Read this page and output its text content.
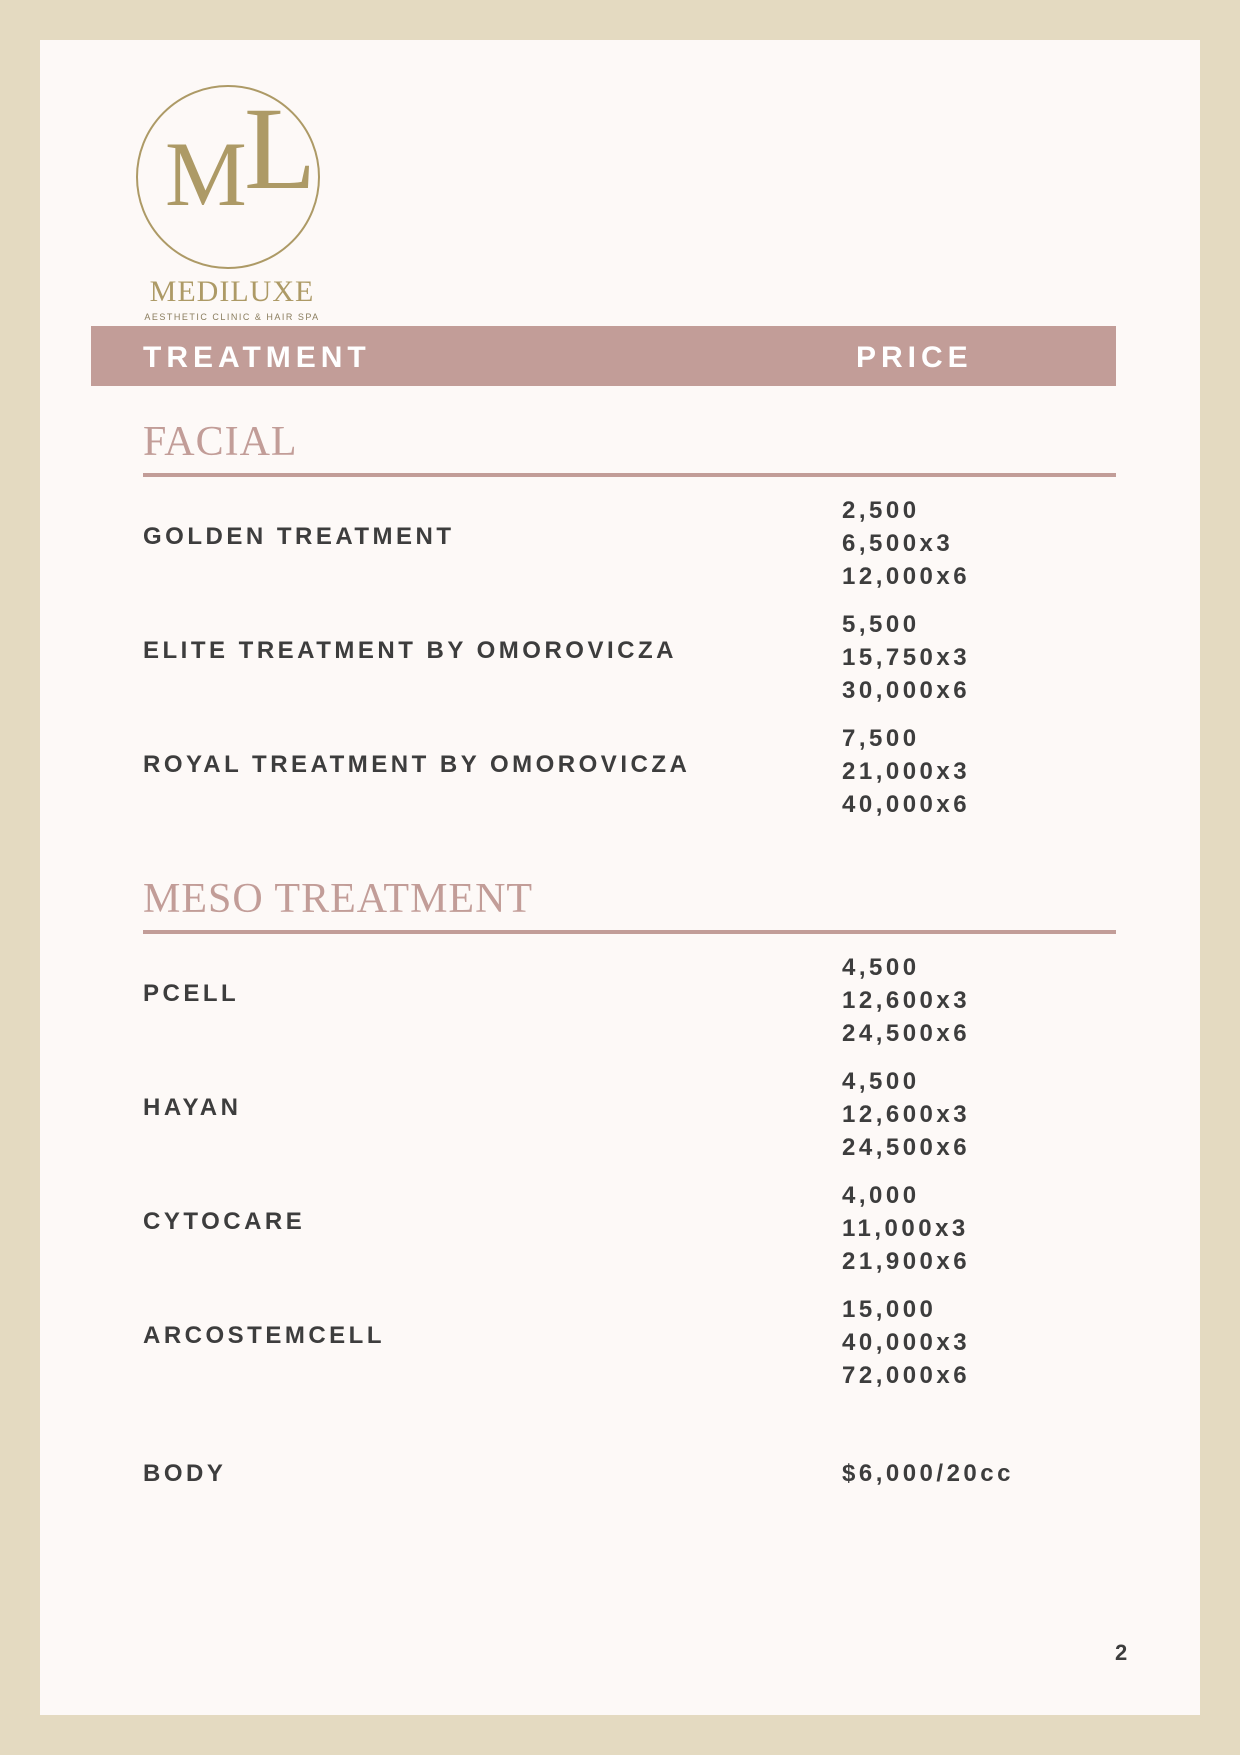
M
L
MEDILUXE
AESTHETIC CLINIC & HAIR SPA
TREATMENT	PRICE
FACIAL
GOLDEN TREATMENT
2,500
6,500x3
12,000x6
ELITE TREATMENT BY OMOROVICZA
5,500
15,750x3
30,000x6
ROYAL TREATMENT BY OMOROVICZA
7,500
21,000x3
40,000x6
MESO TREATMENT
PCELL
4,500
12,600x3
24,500x6
HAYAN
4,500
12,600x3
24,500x6
CYTOCARE
4,000
11,000x3
21,900x6
ARCOSTEMCELL
15,000
40,000x3
72,000x6
BODY	$6,000/20cc
2
